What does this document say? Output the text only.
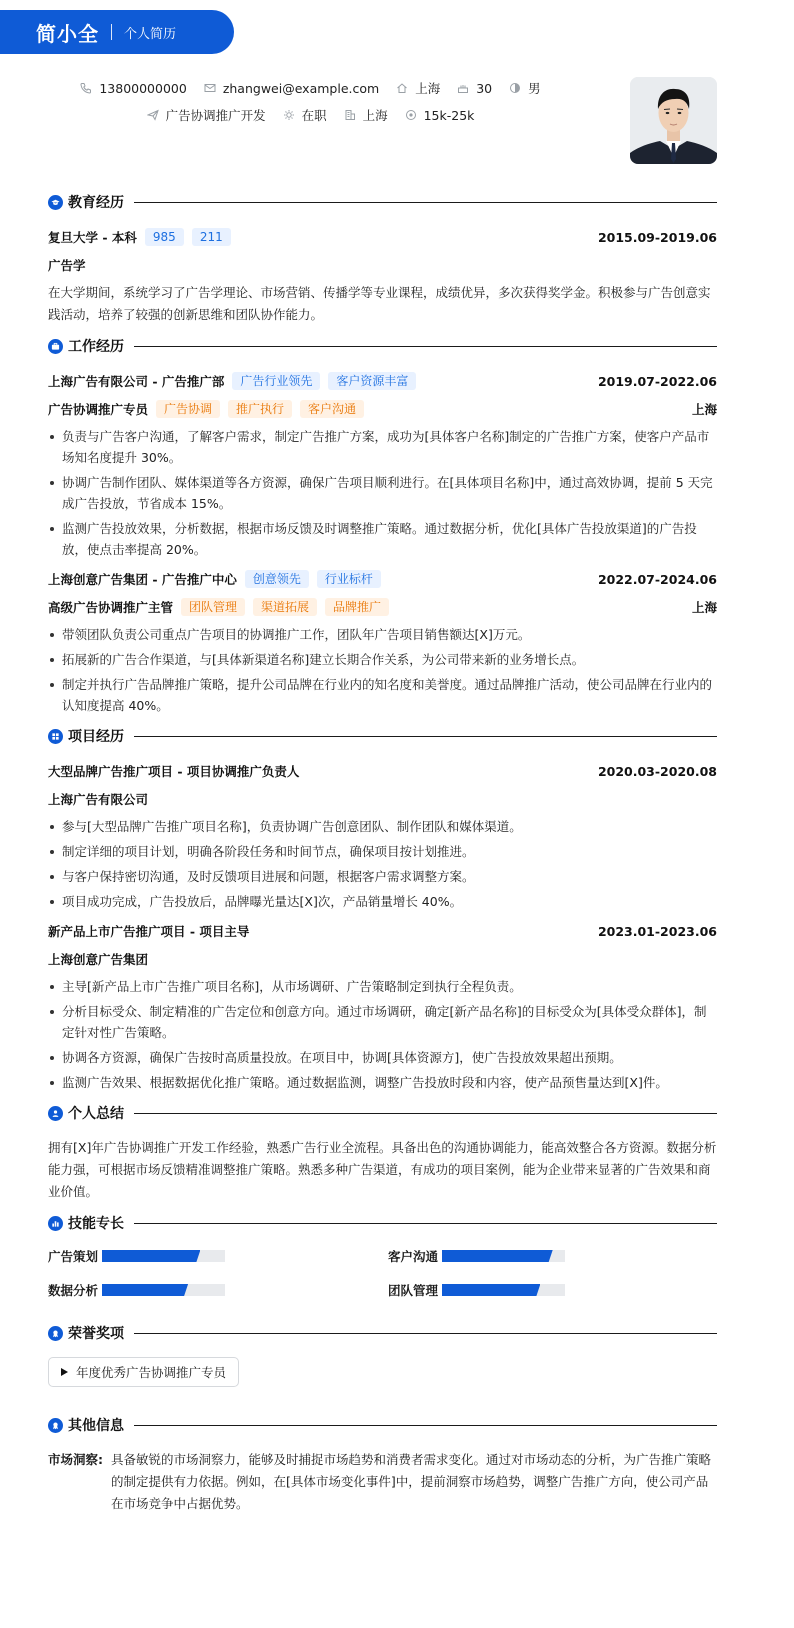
简小全 个人简历
13800000000	zhangwei@example.com	上海	30	男
广告协调推广开发	在职	上海	15k-25k
教育经历
复旦大学 - 本科	985	211	2015.09-2019.06
广告学

在大学期间，系统学习了广告学理论、市场营销、传播学等专业课程，成绩优异，多次获得奖学金。积极参与广告创意实践活动，培养了较强的创新思维和团队协作能力。

工作经历
上海广告有限公司 - 广告推广部	广告行业领先	客户资源丰富	2019.07-2022.06
广告协调推广专员	广告协调	推广执行	客户沟通	上海
负责与广告客户沟通，了解客户需求，制定广告推广方案，成功为[具体客户名称]制定的广告推广方案，使客户产品市场知名度提升 30%。
协调广告制作团队、媒体渠道等各方资源，确保广告项目顺利进行。在[具体项目名称]中，通过高效协调，提前 5 天完成广告投放，节省成本 15%。
监测广告投放效果，分析数据，根据市场反馈及时调整推广策略。通过数据分析，优化[具体广告投放渠道]的广告投放，使点击率提高 20%。
上海创意广告集团 - 广告推广中心	创意领先	行业标杆	2022.07-2024.06
高级广告协调推广主管	团队管理	渠道拓展	品牌推广	上海
带领团队负责公司重点广告项目的协调推广工作，团队年广告项目销售额达[X]万元。
拓展新的广告合作渠道，与[具体新渠道名称]建立长期合作关系，为公司带来新的业务增长点。
制定并执行广告品牌推广策略，提升公司品牌在行业内的知名度和美誉度。通过品牌推广活动，使公司品牌在行业内的认知度提高 40%。
项目经历
大型品牌广告推广项目 - 项目协调推广负责人	2020.03-2020.08
上海广告有限公司
参与[大型品牌广告推广项目名称]，负责协调广告创意团队、制作团队和媒体渠道。
制定详细的项目计划，明确各阶段任务和时间节点，确保项目按计划推进。
与客户保持密切沟通，及时反馈项目进展和问题，根据客户需求调整方案。
项目成功完成，广告投放后，品牌曝光量达[X]次，产品销量增长 40%。
新产品上市广告推广项目 - 项目主导	2023.01-2023.06
上海创意广告集团
主导[新产品上市广告推广项目名称]，从市场调研、广告策略制定到执行全程负责。
分析目标受众、制定精准的广告定位和创意方向。通过市场调研，确定[新产品名称]的目标受众为[具体受众群体]，制定针对性广告策略。
协调各方资源，确保广告按时高质量投放。在项目中，协调[具体资源方]，使广告投放效果超出预期。
监测广告效果、根据数据优化推广策略。通过数据监测，调整广告投放时段和内容，使产品预售量达到[X]件。
个人总结

拥有[X]年广告协调推广开发工作经验，熟悉广告行业全流程。具备出色的沟通协调能力，能高效整合各方资源。数据分析能力强，可根据市场反馈精准调整推广策略。熟悉多种广告渠道，有成功的项目案例，能为企业带来显著的广告效果和商业价值。

技能专长
广告策划	客户沟通
数据分析	团队管理
荣誉奖项
年度优秀广告协调推广专员
其他信息
市场洞察: 具备敏锐的市场洞察力，能够及时捕捉市场趋势和消费者需求变化。通过对市场动态的分析，为广告推广策略的制定提供有力依据。例如，在[具体市场变化事件]中，提前洞察市场趋势，调整广告推广方向，使公司产品在市场竞争中占据优势。
